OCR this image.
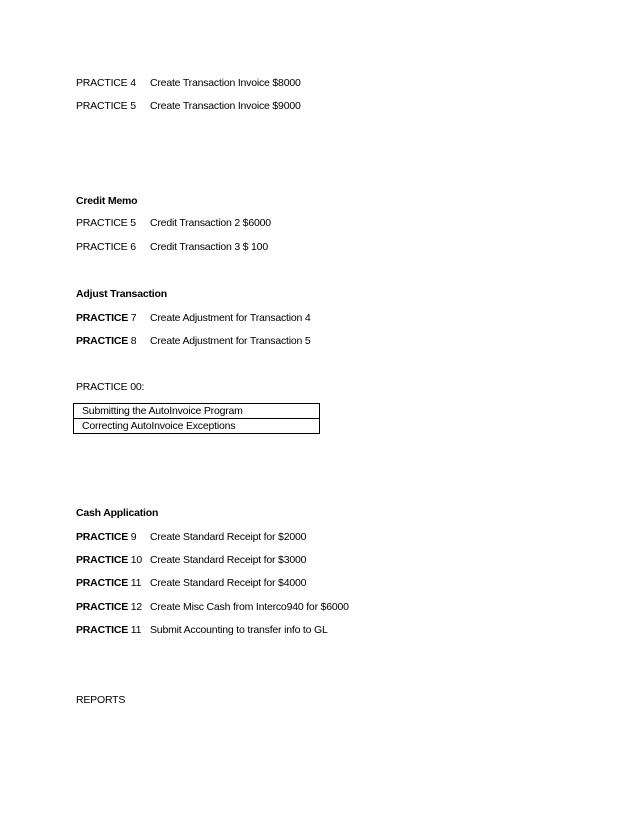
PRACTICE 4 Create Transaction Invoice $8000
PRACTICE 5 Create Transaction Invoice $9000
Credit Memo
PRACTICE 5 Credit Transaction 2 $6000
PRACTICE 6 Credit Transaction 3 $ 100
Adjust Transaction
PRACTICE 7 Create Adjustment for Transaction 4
PRACTICE 8 Create Adjustment for Transaction 5
PRACTICE 00:
Submitting the AutoInvoice Program
Correcting AutoInvoice Exceptions
Cash Application
PRACTICE 9 Create Standard Receipt for $2000
PRACTICE 10 Create Standard Receipt for $3000
PRACTICE 11 Create Standard Receipt for $4000
PRACTICE 12 Create Misc Cash from Interco940 for $6000
PRACTICE 11 Submit Accounting to transfer info to GL
REPORTS
